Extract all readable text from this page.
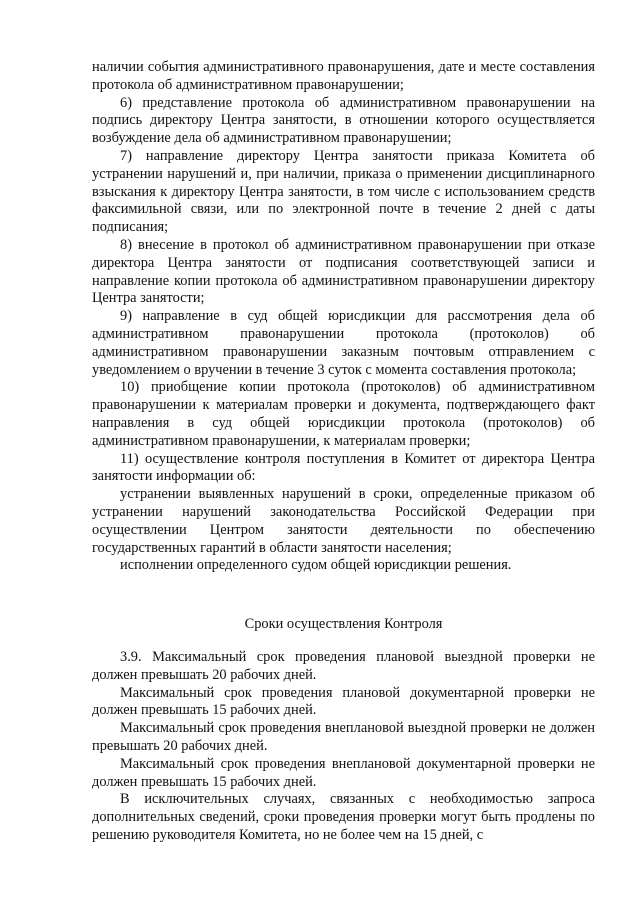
наличии события административного правонарушения, дате и месте составления протокола об административном правонарушении;

6) представление протокола об административном правонарушении на подпись директору Центра занятости, в отношении которого осуществляется возбуждение дела об административном правонарушении;

7) направление директору Центра занятости приказа Комитета об устранении нарушений и, при наличии, приказа о применении дисциплинарного взыскания к директору Центра занятости, в том числе с использованием средств факсимильной связи, или по электронной почте в течение 2 дней с даты подписания;

8) внесение в протокол об административном правонарушении при отказе директора Центра занятости от подписания соответствующей записи и направление копии протокола об административном правонарушении директору Центра занятости;

9) направление в суд общей юрисдикции для рассмотрения дела об административном правонарушении протокола (протоколов) об административном правонарушении заказным почтовым отправлением с уведомлением о вручении в течение 3 суток с момента составления протокола;

10) приобщение копии протокола (протоколов) об административном правонарушении к материалам проверки и документа, подтверждающего факт направления в суд общей юрисдикции протокола (протоколов) об административном правонарушении, к материалам проверки;

11) осуществление контроля поступления в Комитет от директора Центра занятости информации об:

устранении выявленных нарушений в сроки, определенные приказом об устранении нарушений законодательства Российской Федерации при осуществлении Центром занятости деятельности по обеспечению государственных гарантий в области занятости населения;

исполнении определенного судом общей юрисдикции решения.

Сроки осуществления Контроля

3.9. Максимальный срок проведения плановой выездной проверки не должен превышать 20 рабочих дней.

Максимальный срок проведения плановой документарной проверки не должен превышать 15 рабочих дней.

Максимальный срок проведения внеплановой выездной проверки не должен превышать 20 рабочих дней.

Максимальный срок проведения внеплановой документарной проверки не должен превышать 15 рабочих дней.

В исключительных случаях, связанных с необходимостью запроса дополнительных сведений, сроки проведения проверки могут быть продлены по решению руководителя Комитета, но не более чем на 15 дней, с
